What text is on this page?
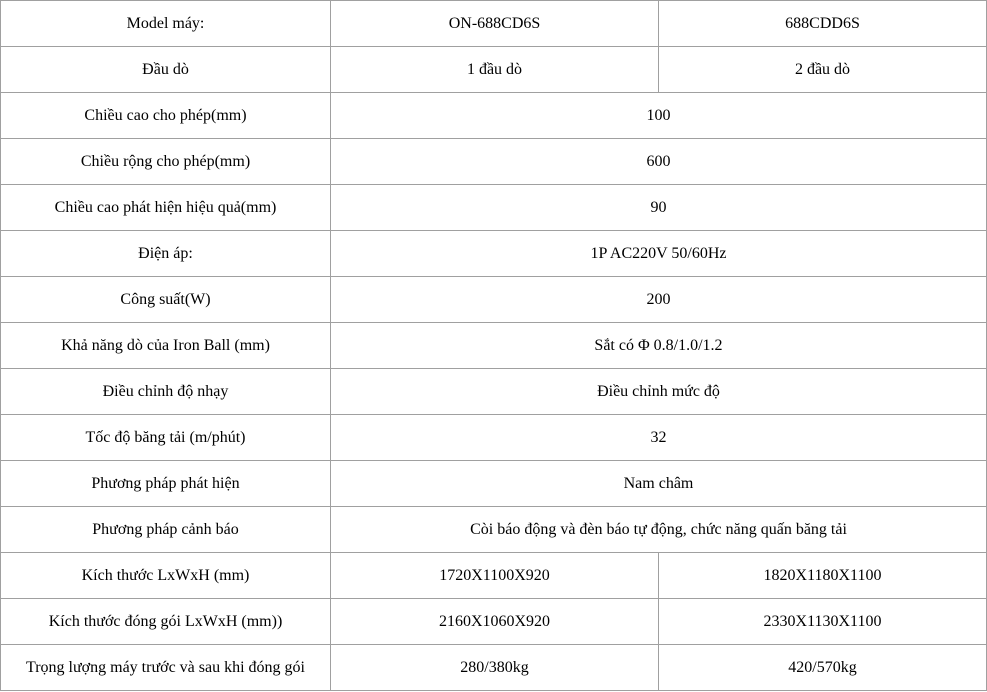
Model máy:	ON-688CD6S	688CDD6S
Đầu dò	1 đầu dò	2 đầu dò
Chiều cao cho phép(mm)	100	
Chiều rộng cho phép(mm)	600	
Chiều cao phát hiện hiệu quả(mm)	90	
Điện áp:	1P AC220V 50/60Hz	
Công suất(W)	200	
Khả năng dò của Iron Ball (mm)	Sắt có Φ 0.8/1.0/1.2	
Điều chỉnh độ nhạy	Điều chỉnh mức độ	
Tốc độ băng tải (m/phút)	32	
Phương pháp phát hiện	Nam châm	
Phương pháp cảnh báo	Còi báo động và đèn báo tự động, chức năng quấn băng tải	
Kích thước LxWxH (mm)	1720X1100X920	1820X1180X1100
Kích thước đóng gói LxWxH (mm))	2160X1060X920	2330X1130X1100
Trọng lượng máy trước và sau khi đóng gói	280/380kg	420/570kg
